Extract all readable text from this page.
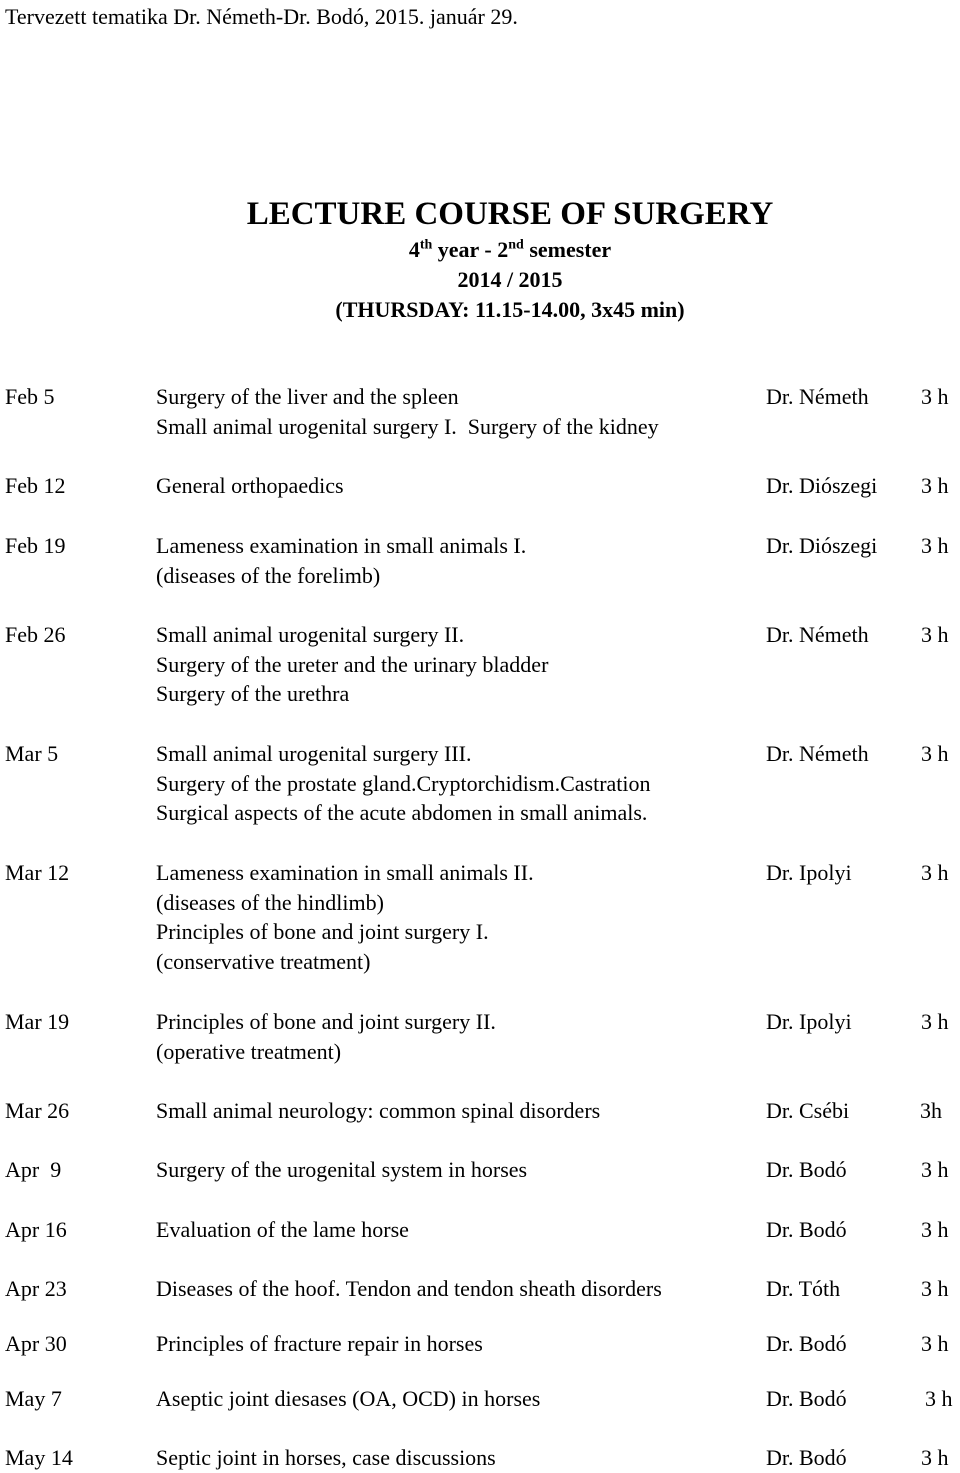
Tervezett tematika Dr. Németh-Dr. Bodó, 2015. január 29.
LECTURE COURSE OF SURGERY
4th year - 2nd semester
2014 / 2015
(THURSDAY: 11.15-14.00, 3x45 min)
Feb 5	Surgery of the liver and the spleen
Small animal urogenital surgery I.  Surgery of the kidney
Dr. Németh 3 h
Feb 12	General orthopaedics	Dr. Diószegi 3 h
Feb 19	Lameness examination in small animals I.
(diseases of the forelimb)
Dr. Diószegi 3 h
Feb 26	Small animal urogenital surgery II.
Surgery of the ureter and the urinary bladder
Surgery of the urethra
Dr. Németh 3 h
Mar 5	Small animal urogenital surgery III.
Surgery of the prostate gland.Cryptorchidism.Castration
Surgical aspects of the acute abdomen in small animals.
Dr. Németh 3 h
Mar 12	Lameness examination in small animals II.
(diseases of the hindlimb)
Principles of bone and joint surgery I.
(conservative treatment)
Dr. Ipolyi	3 h
Mar 19	Principles of bone and joint surgery II.
(operative treatment)
Dr. Ipolyi	3 h
Mar 26	Small animal neurology: common spinal disorders	Dr. Csébi	3h
Apr  9	Surgery of the urogenital system in horses	Dr. Bodó	3 h
Apr 16	Evaluation of the lame horse	Dr. Bodó	3 h
Apr 23	Diseases of the hoof. Tendon and tendon sheath disorders	Dr. Tóth	3 h
Apr 30	Principles of fracture repair in horses	Dr. Bodó	3 h
May 7	Aseptic joint diesases (OA, OCD) in horses	Dr. Bodó	3 h
May 14	Septic joint in horses, case discussions	Dr. Bodó	3 h
